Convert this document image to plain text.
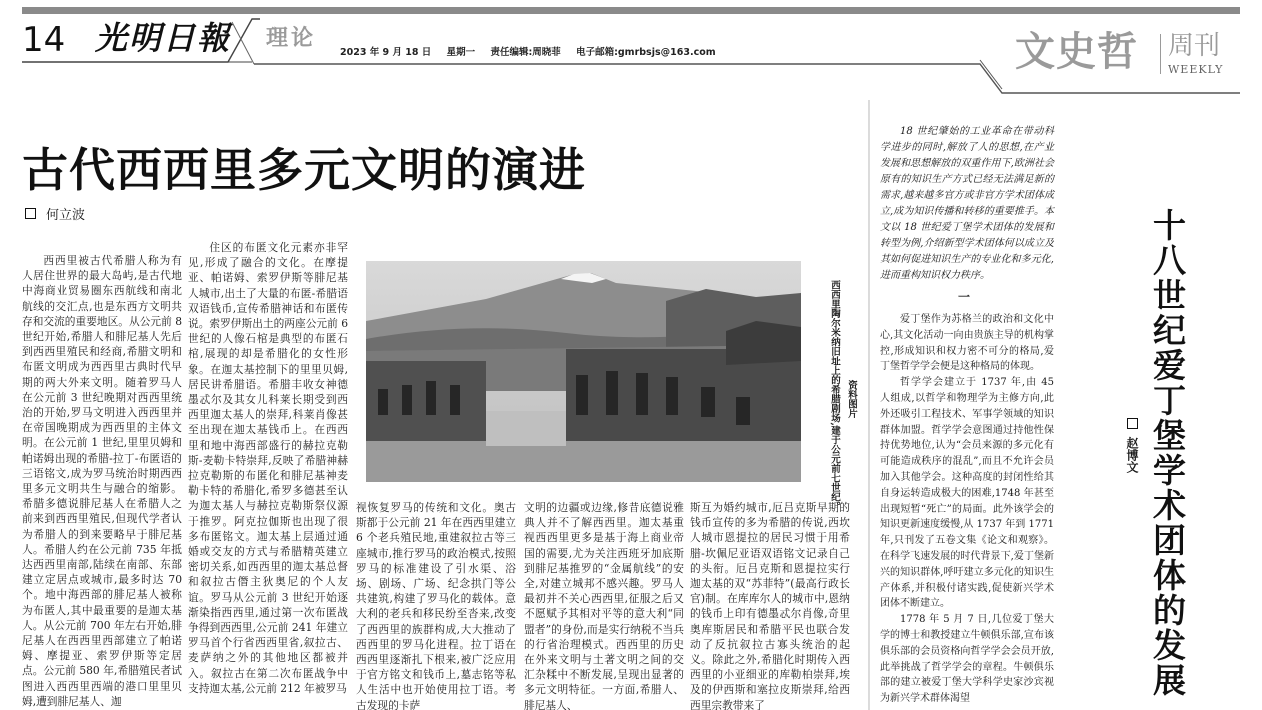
14 光明日報 理论
2023 年 9 月 18 日 星期一 责任编辑:周晓菲 电子邮箱:gmrbsjs@163.com	文史哲 周刊
WEEKLY
古代西西里多元文明的演进
何立波

西西里被古代希腊人称为有人居住世界的最大岛屿,是古代地中海商业贸易圈东西航线和南北航线的交汇点,也是东西方文明共存和交流的重要地区。从公元前 8 世纪开始,希腊人和腓尼基人先后到西西里殖民和经商,希腊文明和布匿文明成为西西里古典时代早期的两大外来文明。随着罗马人在公元前 3 世纪晚期对西西里统治的开始,罗马文明进入西西里并在帝国晚期成为西西里的主体文明。在公元前 1 世纪,里里贝姆和帕诺姆出现的希腊-拉丁-布匿语的三语铭文,成为罗马统治时期西西里多元文明共生与融合的缩影。希腊多德说腓尼基人在希腊人之前来到西西里殖民,但现代学者认为希腊人的到来要略早于腓尼基人。希腊人约在公元前 735 年抵达西西里南部,陆续在南部、东部建立定居点或城市,最多时达 70 个。地中海西部的腓尼基人被称为布匿人,其中最重要的是迦太基人。从公元前 700 年左右开始,腓尼基人在西西里西部建立了帕诺姆、摩提亚、索罗伊斯等定居点。公元前 580 年,希腊殖民者试图进入西西里西端的港口里里贝姆,遭到腓尼基人、迦

住区的布匿文化元素亦非罕见,形成了融合的文化。在摩提亚、帕诺姆、索罗伊斯等腓尼基人城市,出土了大量的布匿-希腊语双语钱币,宣传希腊神话和布匿传说。索罗伊斯出土的两座公元前 6 世纪的人像石棺是典型的布匿石棺,展现的却是希腊化的女性形象。在迦太基控制下的里里贝姆,居民讲希腊语。希腊丰收女神德墨忒尔及其女儿科莱长期受到西西里迦太基人的崇拜,科莱肖像甚至出现在迦太基钱币上。在西西里和地中海西部盛行的赫拉克勒斯-麦勒卡特崇拜,反映了希腊神赫拉克勒斯的布匿化和腓尼基神麦勒卡特的希腊化,希罗多德甚至认为迦太基人与赫拉克勒斯祭仪源于推罗。阿克拉伽斯也出现了很多布匿铭文。迦太基上层通过通婚或交友的方式与希腊精英建立密切关系,如西西里的迦太基总督和叙拉古僭主狄奥尼的个人友谊。罗马从公元前 3 世纪开始逐渐染指西西里,通过第一次布匿战争得到西西里,公元前 241 年建立罗马首个行省西西里省,叙拉古、麦萨纳之外的其他地区都被并入。叙拉古在第二次布匿战争中支持迦太基,公元前 212 年被罗马

视恢复罗马的传统和文化。奥古斯都于公元前 21 年在西西里建立 6 个老兵殖民地,重建叙拉古等三座城市,推行罗马的政治模式,按照罗马的标准建设了引水渠、浴场、剧场、广场、纪念拱门等公共建筑,构建了罗马化的载体。意大利的老兵和移民纷至沓来,改变了西西里的族群构成,大大推动了西西里的罗马化进程。拉丁语在西西里逐渐扎下根来,被广泛应用于官方铭文和钱币上,墓志铭等私人生活中也开始使用拉丁语。考古发现的卡萨

文明的边疆或边缘,修昔底德说雅典人并不了解西西里。迦太基重视西西里更多是基于海上商业帝国的需要,尤为关注西班牙加底斯到腓尼基推罗的“金属航线”的安全,对建立城邦不感兴趣。罗马人最初并不关心西西里,征服之后又不愿赋予其相对平等的意大利“同盟者”的身份,而是实行纳税不当兵的行省治理模式。西西里的历史在外来文明与土著文明之间的交汇杂糅中不断发展,呈现出显著的多元文明特征。一方面,希腊人、腓尼基人、

斯互为婚约城市,厄吕克斯早期的钱币宣传的多为希腊的传说,西坎人城市恩提拉的居民习惯于用希腊-坎佩尼亚语双语铭文记录自己的头衔。厄吕克斯和恩提拉实行迦太基的双“苏菲特”(最高行政长官)制。在库库尔人的城市中,恩纳的钱币上印有德墨忒尔肖像,奇里奥库斯居民和希腊平民也联合发动了反抗叙拉古寡头统治的起义。除此之外,希腊化时期传入西西里的小亚细亚的库勒柏崇拜,埃及的伊西斯和塞拉皮斯崇拜,给西西里宗教带来了

西西里陶尔米纳旧址上的希腊剧场,建于公元前七世纪。 资料图片
18 世纪肇始的工业革命在带动科学进步的同时,解放了人的思想,在产业发展和思想解放的双重作用下,欧洲社会原有的知识生产方式已经无法满足新的需求,越来越多官方或非官方学术团体成立,成为知识传播和转移的重要推手。本文以 18 世纪爱丁堡学术团体的发展和转型为例,介绍新型学术团体何以成立及其如何促进知识生产的专业化和多元化,进而重构知识权力秩序。
一

爱丁堡作为苏格兰的政治和文化中心,其文化活动一向由贵族主导的机构掌控,形成知识和权力密不可分的格局,爱丁堡哲学学会便是这种格局的体现。

哲学学会建立于 1737 年,由 45 人组成,以哲学和物理学为主修方向,此外还吸引工程技术、军事学领域的知识群体加盟。哲学学会意图通过持他性保持优势地位,认为“会员来源的多元化有可能造成秩序的混乱”,而且不允许会员加入其他学会。这种高度的封闭性给其自身运转造成极大的困难,1748 年甚至出现短暂“死亡”的局面。此外该学会的知识更新速度缓慢,从 1737 年到 1771 年,只刊发了五卷文集《论文和观察》。在科学飞速发展的时代背景下,爱丁堡新兴的知识群体,呼吁建立多元化的知识生产体系,并积极付诸实践,促使新兴学术团体不断建立。

1778 年 5 月 7 日,几位爱丁堡大学的博士和教授建立牛顿俱乐部,宣布该俱乐部的会员资格向哲学学会会员开放,此举挑战了哲学学会的章程。牛顿俱乐部的建立被爱丁堡大学科学史家沙宾视为新兴学术群体渴望

十八世纪爱丁堡学术团体的发展
赵博文
